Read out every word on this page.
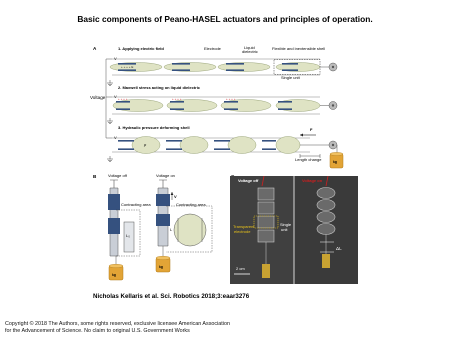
Basic components of Peano-HASEL actuators and principles of operation.
A
+ + + + E
+ + + +	+ + + +	+ + + +
1. Applying electric field	Electrode	Liquid
dielectric
Flexible and inextensible shell
Single unit
V
Voltage
2. Maxwell stress acting on liquid dielectric
V
3. Hydraulic pressure deforming shell
V
p
F
Length change	kg
B	Voltage off	Voltage on
Contracting area	Contracting area
L₀
V
L
kg
kg
Voltage off	Voltage on
Transparent
electrode
Single
unit
2 cm
ΔL
Nicholas Kellaris et al. Sci. Robotics 2018;3:eaar3276
Copyright © 2018 The Authors, some rights reserved, exclusive licensee American Association
for the Advancement of Science. No claim to original U.S. Government Works
